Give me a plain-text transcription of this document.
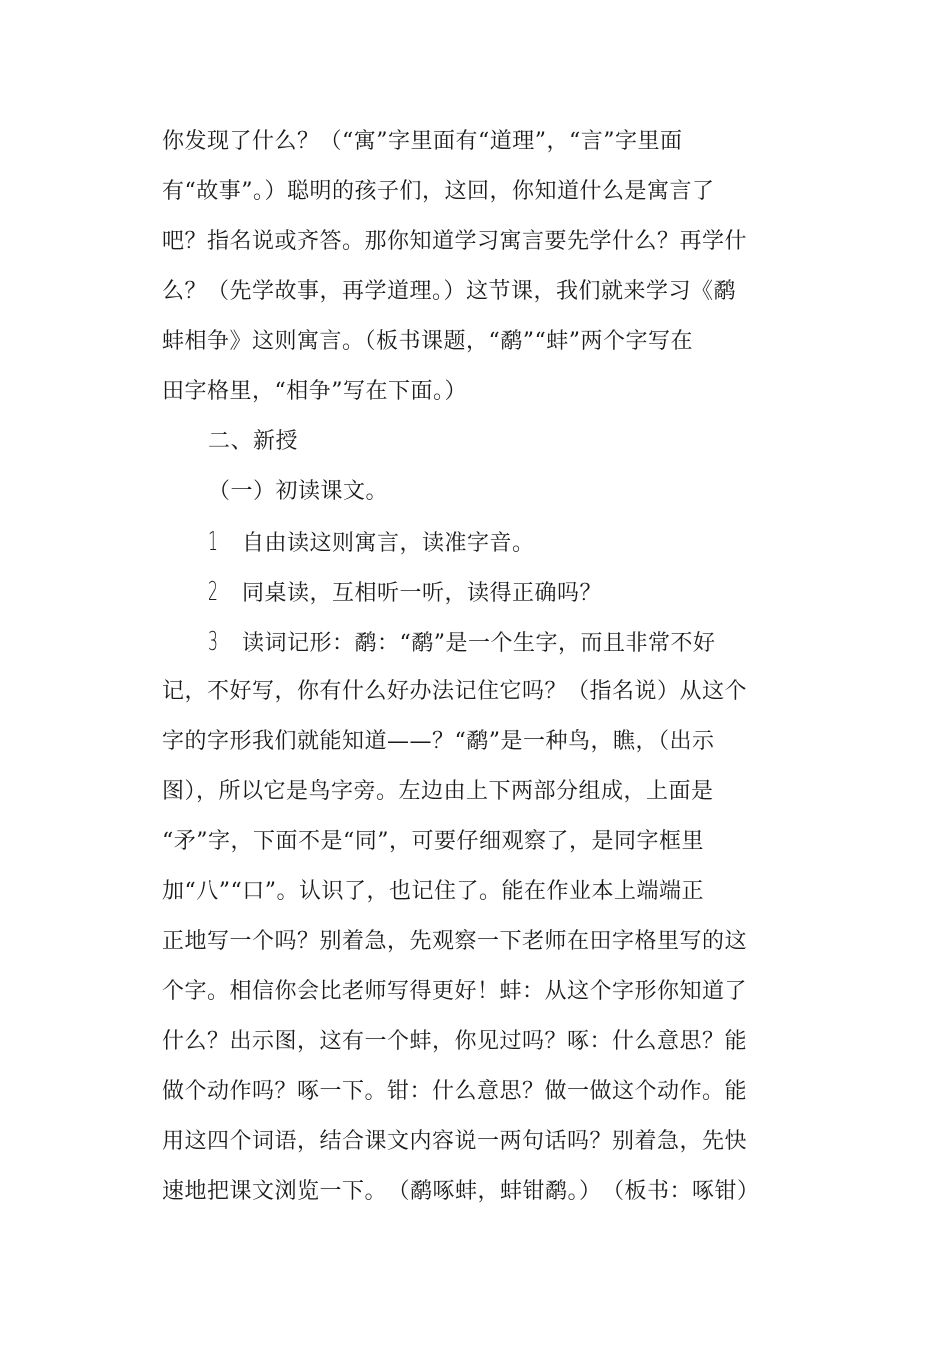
你发现了什么？（“寓”字里面有“道理”，“言”字里面
有“故事”。）聪明的孩子们，这回，你知道什么是寓言了
吧？指名说或齐答。那你知道学习寓言要先学什么？再学什
么？（先学故事，再学道理。）这节课，我们就来学习《鹬
蚌相争》这则寓言。（板书课题，“鹬”“蚌”两个字写在
田字格里，“相争”写在下面。）
二、新授
（一）初读课文。
1 自由读这则寓言，读准字音。
2 同桌读，互相听一听，读得正确吗？
3 读词记形：鹬：“鹬”是一个生字，而且非常不好
记，不好写，你有什么好办法记住它吗？（指名说）从这个
字的字形我们就能知道——？“鹬”是一种鸟，瞧，（出示
图），所以它是鸟字旁。左边由上下两部分组成，上面是
“矛”字，下面不是“同”，可要仔细观察了，是同字框里
加“八”“口”。认识了，也记住了。能在作业本上端端正
正地写一个吗？别着急，先观察一下老师在田字格里写的这
个字。相信你会比老师写得更好！蚌：从这个字形你知道了
什么？出示图，这有一个蚌，你见过吗？啄：什么意思？能
做个动作吗？啄一下。钳：什么意思？做一做这个动作。能
用这四个词语，结合课文内容说一两句话吗？别着急，先快
速地把课文浏览一下。　（鹬啄蚌，蚌钳鹬。）　（板书：啄钳）
